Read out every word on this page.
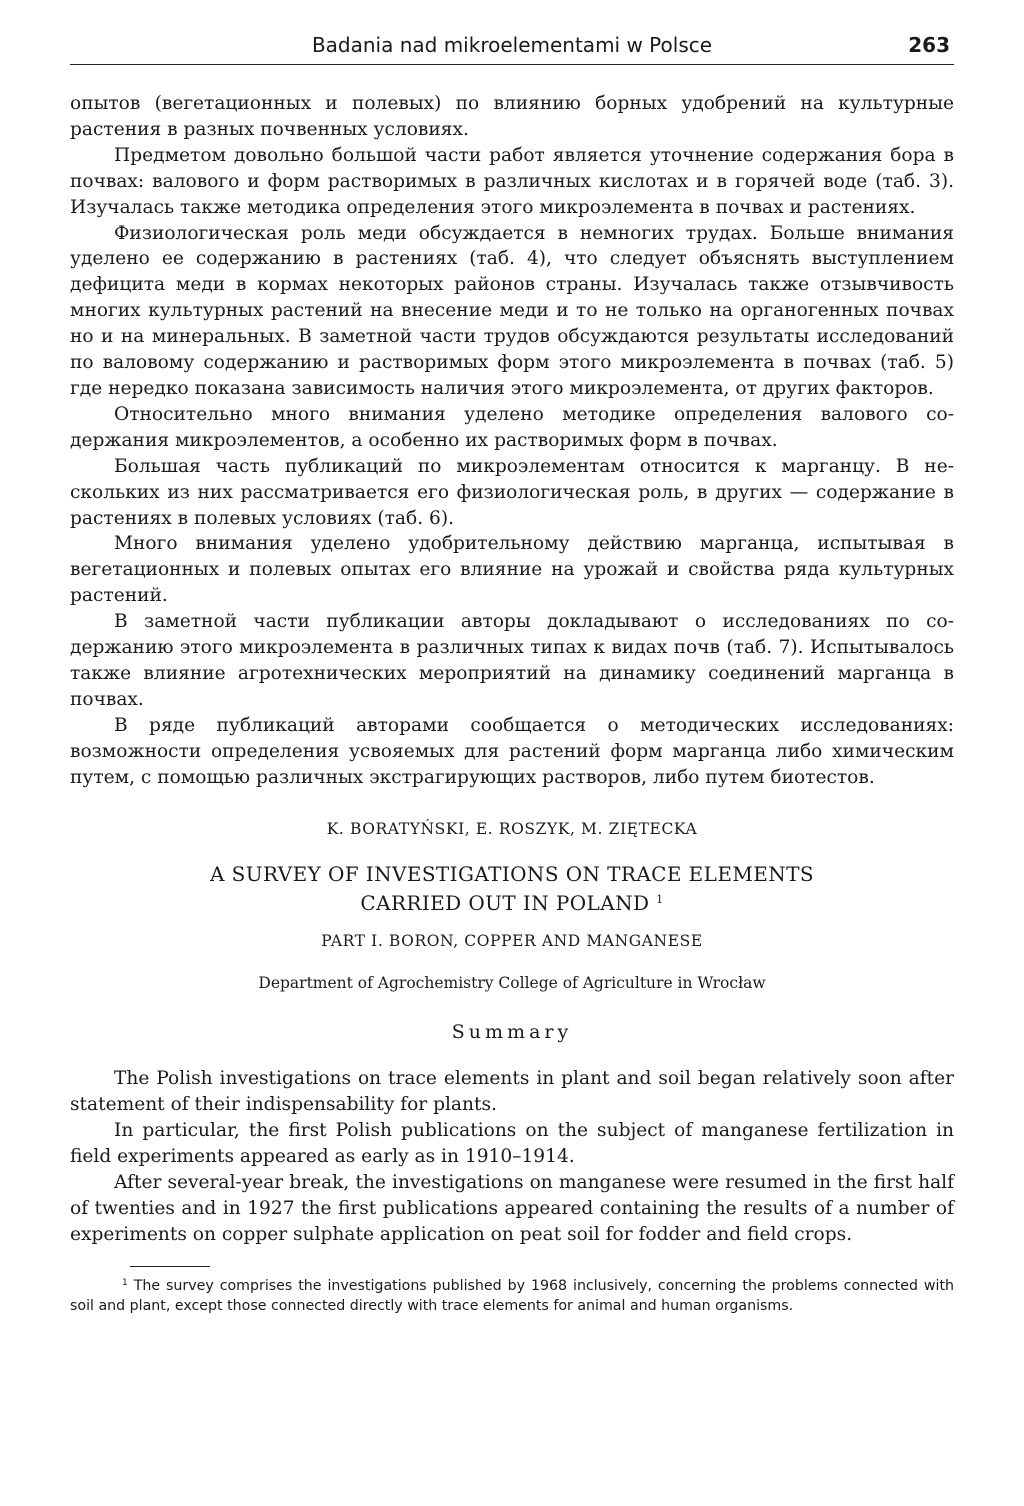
Badania nad mikroelementami w Polsce	263

опытов (вегетационных и полевых) по влиянию борных удобрений на культурные растения в разных почвенных условиях.

Предметом довольно большой части работ является уточнение содержания бора в почвах: валового и форм растворимых в различных кислотах и в горячей воде (таб. 3). Изучалась также методика определения этого микроэлемента в почвах и растениях.

Физиологическая роль меди обсуждается в немногих трудах. Больше внимания уделено ее содержанию в растениях (таб. 4), что следует объяснять выступлением дефицита меди в кормах некоторых районов страны. Изучалась также отзывчивость многих культурных растений на внесение меди и то не только на органогенных почвах но и на минеральных. В заметной части трудов обсуждаются результаты исследований по валовому содержанию и растворимых форм этого микроэлемента в почвах (таб. 5) где нередко показана зависимость наличия этого микроэлемента, от других факторов.

Относительно много внимания уделено методике определения валового содержания микроэлементов, а особенно их растворимых форм в почвах.

Большая часть публикаций по микроэлементам относится к марганцу. В нескольких из них рассматривается его физиологическая роль, в других — содержание в растениях в полевых условиях (таб. 6).

Много внимания уделено удобрительному действию марганца, испытывая в вегетационных и полевых опытах его влияние на урожай и свойства ряда культурных растений.

В заметной части публикации авторы докладывают о исследованиях по содержанию этого микроэлемента в различных типах к видах почв (таб. 7). Испытывалось также влияние агротехнических мероприятий на динамику соединений марганца в почвах.

В ряде публикаций авторами сообщается о методических исследованиях: возможности определения усвояемых для растений форм марганца либо химическим путем, с помощью различных экстрагирующих растворов, либо путем биотестов.

K. BORATYŃSKI, E. ROSZYK, M. ZIĘTECKA
A SURVEY OF INVESTIGATIONS ON TRACE ELEMENTS
CARRIED OUT IN POLAND $^1$
PART I. BORON, COPPER AND MANGANESE
Department of Agrochemistry College of Agriculture in Wrocław
Summary

The Polish investigations on trace elements in plant and soil began relatively soon after statement of their indispensability for plants.

In particular, the first Polish publications on the subject of manganese fertilization in field experiments appeared as early as in 1910–1914.

After several-year break, the investigations on manganese were resumed in the first half of twenties and in 1927 the first publications appeared containing the results of a number of experiments on copper sulphate application on peat soil for fodder and field crops.

$^1$ The survey comprises the investigations published by 1968 inclusively, concerning the problems connected with soil and plant, except those connected directly with trace elements for animal and human organisms.
